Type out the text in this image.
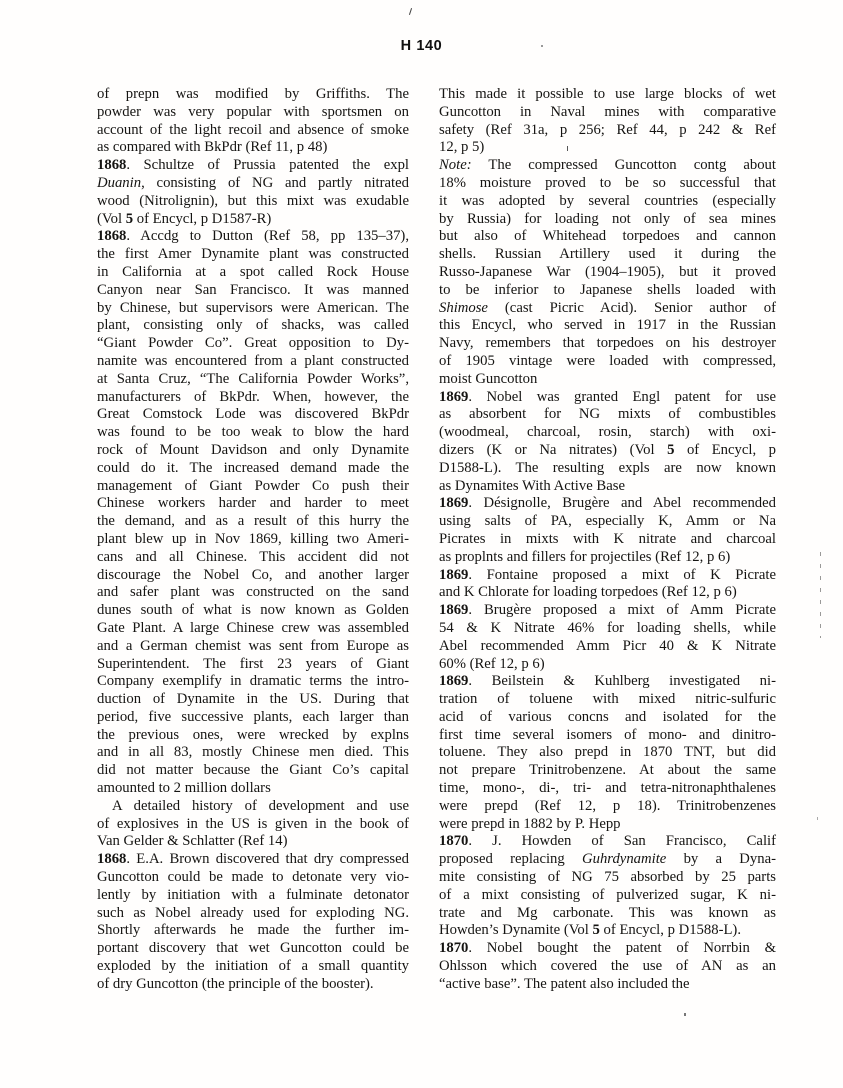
H 140
of prepn was modified by Griffiths. The
powder was very popular with sportsmen on
account of the light recoil and absence of smoke
as compared with BkPdr (Ref 11, p 48)
1868. Schultze of Prussia patented the expl
Duanin, consisting of NG and partly nitrated
wood (Nitrolignin), but this mixt was exudable
(Vol 5 of Encycl, p D1587-R)
1868. Accdg to Dutton (Ref 58, pp 135–37),
the first Amer Dynamite plant was constructed
in California at a spot called Rock House
Canyon near San Francisco. It was manned
by Chinese, but supervisors were American. The
plant, consisting only of shacks, was called
“Giant Powder Co”. Great opposition to Dy-
namite was encountered from a plant constructed
at Santa Cruz, “The California Powder Works”,
manufacturers of BkPdr. When, however, the
Great Comstock Lode was discovered BkPdr
was found to be too weak to blow the hard
rock of Mount Davidson and only Dynamite
could do it. The increased demand made the
management of Giant Powder Co push their
Chinese workers harder and harder to meet
the demand, and as a result of this hurry the
plant blew up in Nov 1869, killing two Ameri-
cans and all Chinese. This accident did not
discourage the Nobel Co, and another larger
and safer plant was constructed on the sand
dunes south of what is now known as Golden
Gate Plant. A large Chinese crew was assembled
and a German chemist was sent from Europe as
Superintendent. The first 23 years of Giant
Company exemplify in dramatic terms the intro-
duction of Dynamite in the US. During that
period, five successive plants, each larger than
the previous ones, were wrecked by explns
and in all 83, mostly Chinese men died. This
did not matter because the Giant Co’s capital
amounted to 2 million dollars
A detailed history of development and use
of explosives in the US is given in the book of
Van Gelder & Schlatter (Ref 14)
1868. E.A. Brown discovered that dry compressed
Guncotton could be made to detonate very vio-
lently by initiation with a fulminate detonator
such as Nobel already used for exploding NG.
Shortly afterwards he made the further im-
portant discovery that wet Guncotton could be
exploded by the initiation of a small quantity
of dry Guncotton (the principle of the booster).
This made it possible to use large blocks of wet
Guncotton in Naval mines with comparative
safety (Ref 31a, p 256; Ref 44, p 242 & Ref
12, p 5)
Note: The compressed Guncotton contg about
18% moisture proved to be so successful that
it was adopted by several countries (especially
by Russia) for loading not only of sea mines
but also of Whitehead torpedoes and cannon
shells. Russian Artillery used it during the
Russo-Japanese War (1904–1905), but it proved
to be inferior to Japanese shells loaded with
Shimose (cast Picric Acid). Senior author of
this Encycl, who served in 1917 in the Russian
Navy, remembers that torpedoes on his destroyer
of 1905 vintage were loaded with compressed,
moist Guncotton
1869. Nobel was granted Engl patent for use
as absorbent for NG mixts of combustibles
(woodmeal, charcoal, rosin, starch) with oxi-
dizers (K or Na nitrates) (Vol 5 of Encycl, p
D1588-L). The resulting expls are now known
as Dynamites With Active Base
1869. Désignolle, Brugère and Abel recommended
using salts of PA, especially K, Amm or Na
Picrates in mixts with K nitrate and charcoal
as proplnts and fillers for projectiles (Ref 12, p 6)
1869. Fontaine proposed a mixt of K Picrate
and K Chlorate for loading torpedoes (Ref 12, p 6)
1869. Brugère proposed a mixt of Amm Picrate
54 & K Nitrate 46% for loading shells, while
Abel recommended Amm Picr 40 & K Nitrate
60% (Ref 12, p 6)
1869. Beilstein & Kuhlberg investigated ni-
tration of toluene with mixed nitric-sulfuric
acid of various concns and isolated for the
first time several isomers of mono- and dinitro-
toluene. They also prepd in 1870 TNT, but did
not prepare Trinitrobenzene. At about the same
time, mono-, di-, tri- and tetra-nitronaphthalenes
were prepd (Ref 12, p 18). Trinitrobenzenes
were prepd in 1882 by P. Hepp
1870. J. Howden of San Francisco, Calif
proposed replacing Guhrdynamite by a Dyna-
mite consisting of NG 75 absorbed by 25 parts
of a mixt consisting of pulverized sugar, K ni-
trate and Mg carbonate. This was known as
Howden’s Dynamite (Vol 5 of Encycl, p D1588-L).
1870. Nobel bought the patent of Norrbin &
Ohlsson which covered the use of AN as an
“active base”. The patent also included the
